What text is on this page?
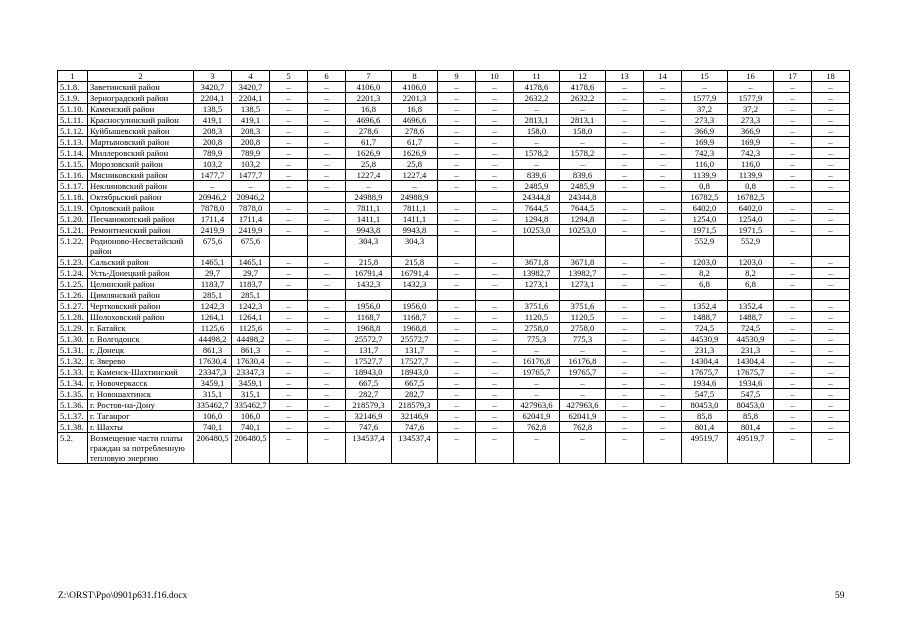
1	2	3	4	5	6	7	8	9	10	11	12	13	14	15	16	17	18
5.1.8.	Заветинский район	3420,7	3420,7	–	–	4106,0	4106,0	–	–	4178,6	4178,6	–	–	–	–	–	–
5.1.9.	Зерноградский район	2204,1	2204,1	–	–	2201,3	2201,3	–	–	2632,2	2632,2	–	–	1577,9	1577,9	–	–
5.1.10.	Каменский район	138,5	138,5	–	–	16,8	16,8	–	–	–	–	–	–	37,2	37,2	–	–
5.1.11.	Красносулинский район	419,1	419,1	–	–	4696,6	4696,6	–	–	2813,1	2813,1	–	–	273,3	273,3	–	–
5.1.12.	Куйбышевский район	208,3	208,3	–	–	278,6	278,6	–	–	158,0	158,0	–	–	366,9	366,9	–	–
5.1.13.	Мартыновский район	200,8	200,8	–	–	61,7	61,7	–	–	–	–	–	–	169,9	169,9	–	–
5.1.14.	Миллеровский район	789,9	789,9	–	–	1626,9	1626,9	–	–	1578,2	1578,2	–	–	742,3	742,3	–	–
5.1.15.	Морозовский район	103,2	103,2	–	–	25,8	25,8	–	–	–	–	–	–	116,0	116,0	–	–
5.1.16.	Мясниковский район	1477,7	1477,7	–	–	1227,4	1227,4	–	–	839,6	839,6	–	–	1139,9	1139,9	–	–
5.1.17.	Неклиновский район	–	–	–	–	–	–	–	–	2485,9	2485,9	–	–	0,8	0,8	–	–
5.1.18.	Октябрьский район	20946,2	20946,2			24988,9	24988,9			24344,8	24344,8			16782,5	16782,5		
5.1.19.	Орловский район	7878,0	7878,0	–	–	7811,1	7811,1	–	–	7644,5	7644,5	–	–	6402,0	6402,0	–	–
5.1.20.	Песчанокопский район	1711,4	1711,4	–	–	1411,1	1411,1	–	–	1294,8	1294,8	–	–	1254,0	1254,0	–	–
5.1.21.	Ремонтненский район	2419,9	2419,9	–	–	9943,8	9943,8	–	–	10253,0	10253,0	–	–	1971,5	1971,5	–	–
5.1.22.	Родионово-Несветайский район	675,6	675,6			304,3	304,3							552,9	552,9		
5.1.23.	Сальский район	1465,1	1465,1	–	–	215,8	215,8	–	–	3671,8	3671,8	–	–	1203,0	1203,0	–	–
5.1.24.	Усть-Донецкий район	29,7	29,7	–	–	16791,4	16791,4	–	–	13982,7	13982,7	–	–	8,2	8,2	–	–
5.1.25.	Целинский район	1183,7	1183,7	–	–	1432,3	1432,3	–	–	1273,1	1273,1	–	–	6,8	6,8	–	–
5.1.26.	Цимлянский район	285,1	285,1														
5.1.27.	Чертковский район	1242,3	1242,3	–	–	1956,0	1956,0	–	–	3751,6	3751,6	–	–	1352,4	1352,4	–	–
5.1.28.	Шолоховский район	1264,1	1264,1	–	–	1168,7	1168,7	–	–	1120,5	1120,5	–	–	1488,7	1488,7	–	–
5.1.29.	г. Батайск	1125,6	1125,6	–	–	1968,8	1968,8	–	–	2758,0	2758,0	–	–	724,5	724,5	–	–
5.1.30.	г. Волгодонск	44498,2	44498,2	–	–	25572,7	25572,7	–	–	775,3	775,3	–	–	44530,9	44530,9	–	–
5.1.31.	г. Донецк	861,3	861,3	–	–	131,7	131,7	–	–	–	–	–	–	231,3	231,3	–	–
5.1.32.	г. Зверево	17630,4	17630,4	–	–	17527,7	17527,7	–	–	16176,8	16176,8	–	–	14304,4	14304,4	–	–
5.1.33.	г. Каменск-Шахтинский	23347,3	23347,3	–	–	18943,0	18943,0	–	–	19765,7	19765,7	–	–	17675,7	17675,7	–	–
5.1.34.	г. Новочеркасск	3459,1	3459,1	–	–	667,5	667,5	–	–	–	–	–	–	1934,6	1934,6	–	–
5.1.35.	г. Новошахтинск	315,1	315,1	–	–	282,7	282,7	–	–	–	–	–	–	547,5	547,5	–	–
5.1.36.	г. Ростов-на-Дону	335462,7	335462,7	–	–	218579,3	218579,3	–	–	427963,6	427963,6	–	–	80453,0	80453,0	–	–
5.1.37.	г. Таганрог	106,0	106,0	–	–	32146,9	32146,9	–	–	62041,9	62041,9	–	–	85,8	85,8	–	–
5.1.38.	г. Шахты	740,1	740,1	–	–	747,6	747,6	–	–	762,8	762,8	–	–	801,4	801,4	–	–
5.2.	Возмещение части платы граждан за потребленную тепловую энергию	206480,5	206480,5	–	–	134537,4	134537,4	–	–	–	–	–	–	49519,7	49519,7	–	–
Z:\ORST\Ppo\0901p631.f16.docx	59
